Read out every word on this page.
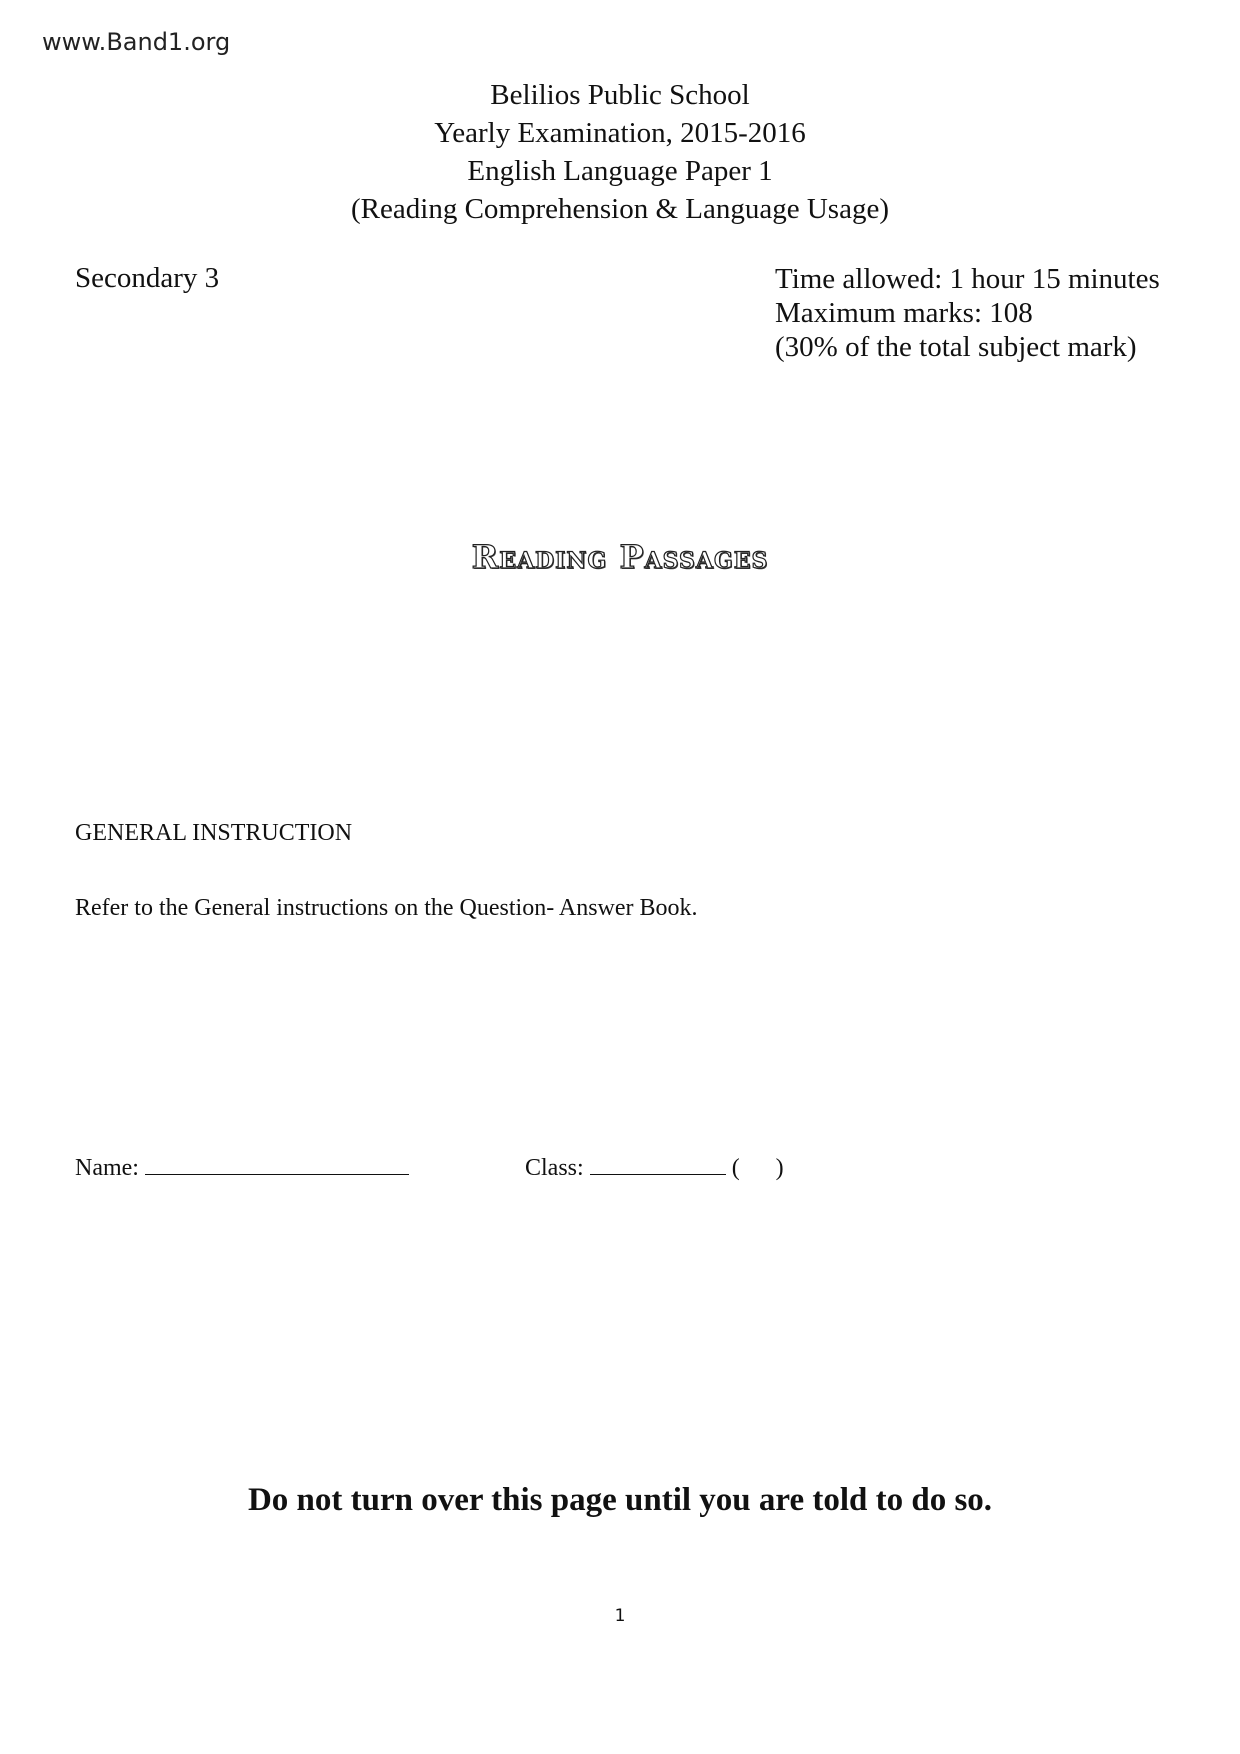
www.Band1.org
Belilios Public School
Yearly Examination, 2015-2016
English Language Paper 1
(Reading Comprehension & Language Usage)
Secondary 3	Time allowed: 1 hour 15 minutes
Maximum marks: 108
(30% of the total subject mark)
Reading Passages
GENERAL INSTRUCTION
Refer to the General instructions on the Question- Answer Book.
Name:	Class:	(      )
Do not turn over this page until you are told to do so.
1
